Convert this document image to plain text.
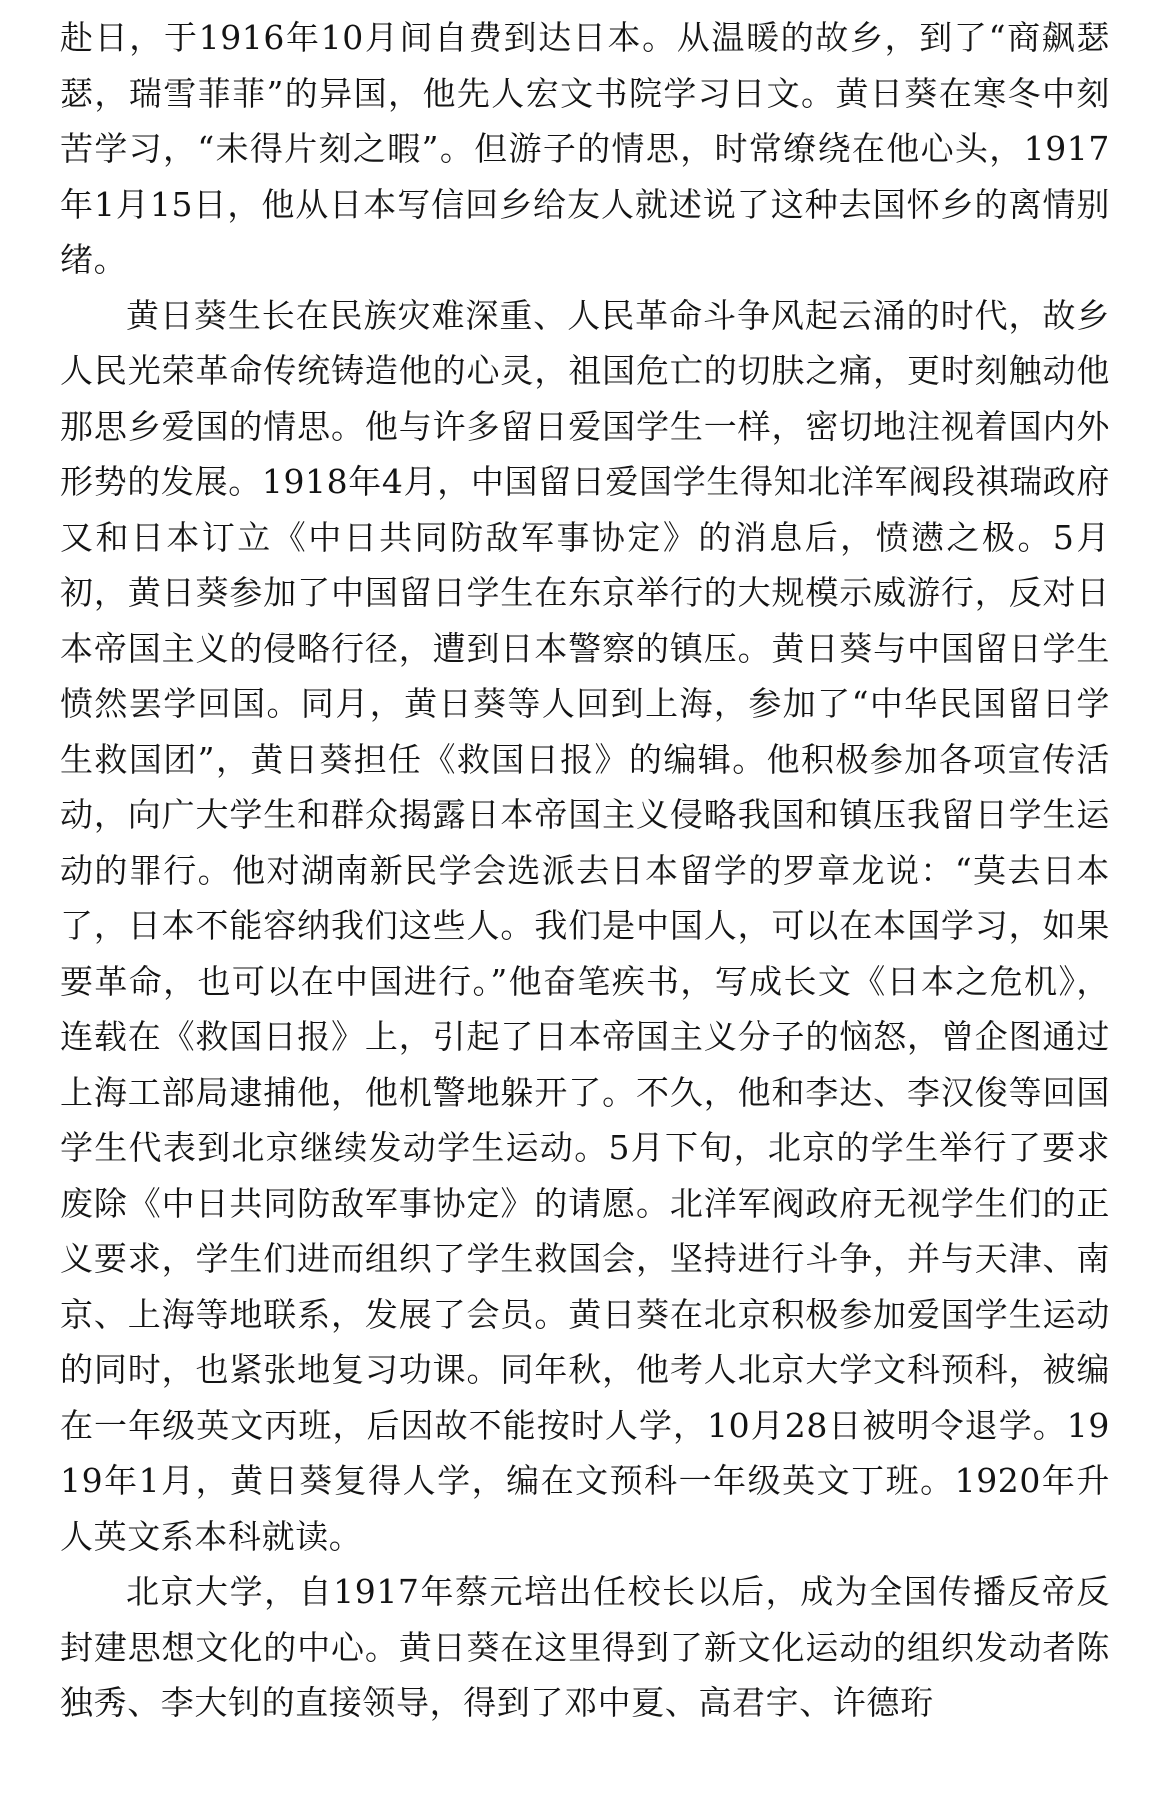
赴日，于1916年10月间自费到达日本。从温暖的故乡，到了“商飙瑟瑟，瑞雪菲菲”的异国，他先人宏文书院学习日文。黄日葵在寒冬中刻苦学习，“未得片刻之暇”。但游子的情思，时常缭绕在他心头，1917年1月15日，他从日本写信回乡给友人就述说了这种去国怀乡的离情别绪。

黄日葵生长在民族灾难深重、人民革命斗争风起云涌的时代，故乡人民光荣革命传统铸造他的心灵，祖国危亡的切肤之痛，更时刻触动他那思乡爱国的情思。他与许多留日爱国学生一样，密切地注视着国内外形势的发展。1918年4月，中国留日爱国学生得知北洋军阀段祺瑞政府又和日本订立《中日共同防敌军事协定》的消息后，愤懑之极。5月初，黄日葵参加了中国留日学生在东京举行的大规模示威游行，反对日本帝国主义的侵略行径，遭到日本警察的镇压。黄日葵与中国留日学生愤然罢学回国。同月，黄日葵等人回到上海，参加了“中华民国留日学生救国团”，黄日葵担任《救国日报》的编辑。他积极参加各项宣传活动，向广大学生和群众揭露日本帝国主义侵略我国和镇压我留日学生运动的罪行。他对湖南新民学会选派去日本留学的罗章龙说：“莫去日本了，日本不能容纳我们这些人。我们是中国人，可以在本国学习，如果要革命，也可以在中国进行。”他奋笔疾书，写成长文《日本之危机》，连载在《救国日报》上，引起了日本帝国主义分子的恼怒，曾企图通过上海工部局逮捕他，他机警地躲开了。不久，他和李达、李汉俊等回国学生代表到北京继续发动学生运动。5月下旬，北京的学生举行了要求废除《中日共同防敌军事协定》的请愿。北洋军阀政府无视学生们的正义要求，学生们进而组织了学生救国会，坚持进行斗争，并与天津、南京、上海等地联系，发展了会员。黄日葵在北京积极参加爱国学生运动的同时，也紧张地复习功课。同年秋，他考人北京大学文科预科，被编在一年级英文丙班，后因故不能按时人学，10月28日被明令退学。1919年1月，黄日葵复得人学，编在文预科一年级英文丁班。1920年升人英文系本科就读。

北京大学，自1917年蔡元培出任校长以后，成为全国传播反帝反封建思想文化的中心。黄日葵在这里得到了新文化运动的组织发动者陈独秀、李大钊的直接领导，得到了邓中夏、高君宇、许德珩
